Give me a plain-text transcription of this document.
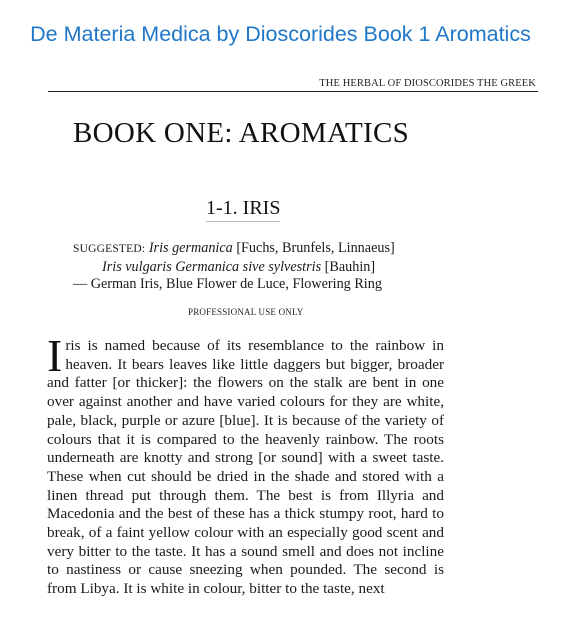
De Materia Medica by Dioscorides Book 1 Aromatics
THE HERBAL OF DIOSCORIDES THE GREEK
BOOK ONE: AROMATICS
1-1. IRIS
SUGGESTED: Iris germanica [Fuchs, Brunfels, Linnaeus]
Iris vulgaris Germanica sive sylvestris [Bauhin]
— German Iris, Blue Flower de Luce, Flowering Ring
PROFESSIONAL USE ONLY
Iris is named because of its resemblance to the rainbow in heaven. It bears leaves like little daggers but bigger, broader and fatter [or thicker]: the flowers on the stalk are bent in one over against another and have varied colours for they are white, pale, black, purple or azure [blue]. It is because of the variety of colours that it is compared to the heavenly rainbow. The roots underneath are knotty and strong [or sound] with a sweet taste. These when cut should be dried in the shade and stored with a linen thread put through them. The best is from Illyria and Macedonia and the best of these has a thick stumpy root, hard to break, of a faint yellow colour with an especially good scent and very bitter to the taste. It has a sound smell and does not incline to nastiness or cause sneezing when pounded. The second is from Libya. It is white in colour, bitter to the taste, next
